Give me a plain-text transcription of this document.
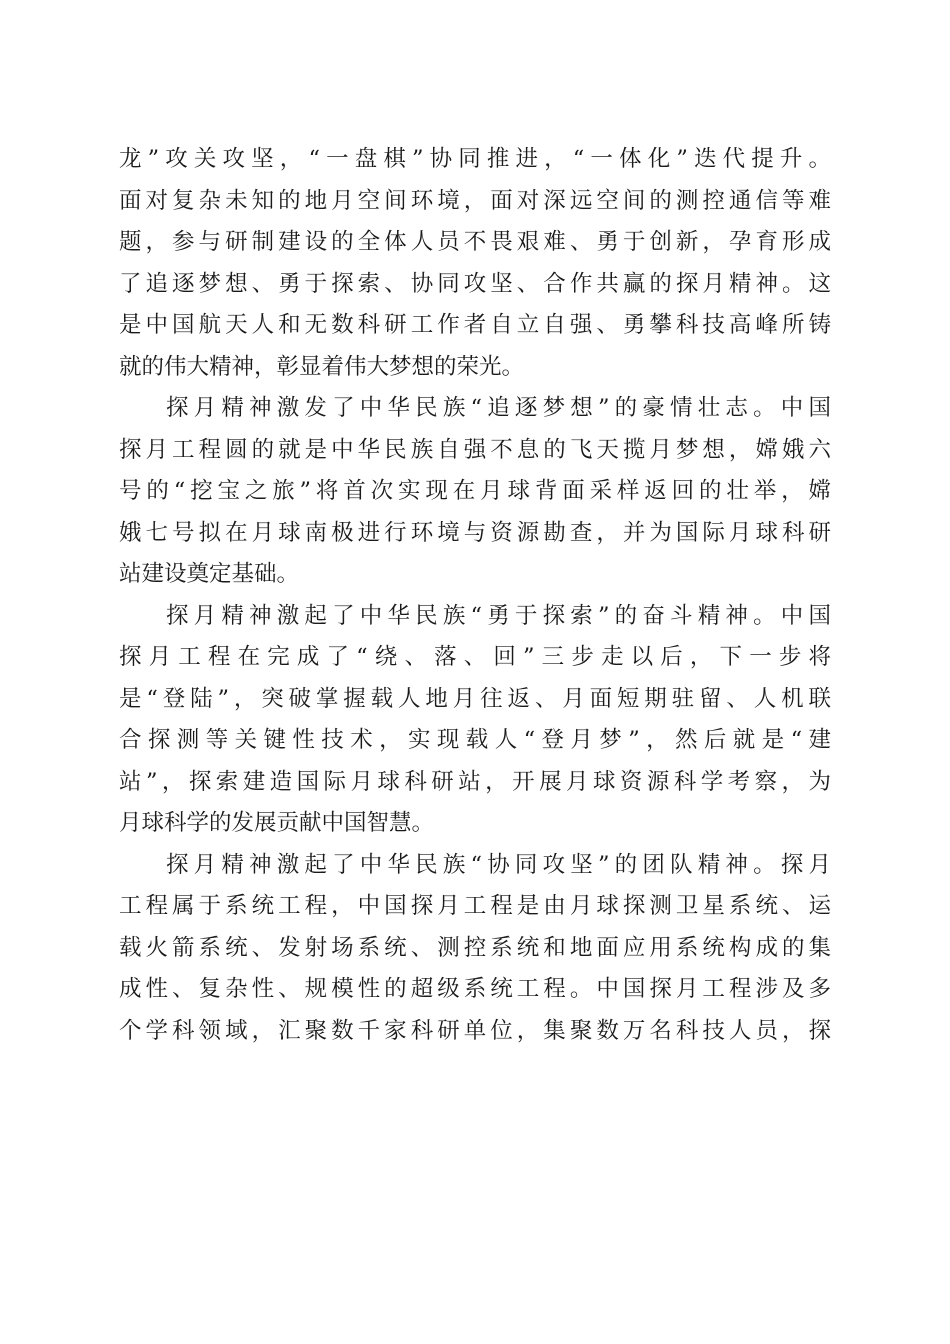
龙”攻关攻坚，“一盘棋”协同推进，“一体化”迭代提升。
面对复杂未知的地月空间环境，面对深远空间的测控通信等难
题，参与研制建设的全体人员不畏艰难、勇于创新，孕育形成
了追逐梦想、勇于探索、协同攻坚、合作共赢的探月精神。这
是中国航天人和无数科研工作者自立自强、勇攀科技高峰所铸
就的伟大精神，彰显着伟大梦想的荣光。
探月精神激发了中华民族“追逐梦想”的豪情壮志。中国
探月工程圆的就是中华民族自强不息的飞天揽月梦想，嫦娥六
号的“挖宝之旅”将首次实现在月球背面采样返回的壮举，嫦
娥七号拟在月球南极进行环境与资源勘查，并为国际月球科研
站建设奠定基础。
探月精神激起了中华民族“勇于探索”的奋斗精神。中国
探月工程在完成了“绕、落、回”三步走以后，下一步将
是“登陆”，突破掌握载人地月往返、月面短期驻留、人机联
合探测等关键性技术，实现载人“登月梦”，然后就是“建
站”，探索建造国际月球科研站，开展月球资源科学考察，为
月球科学的发展贡献中国智慧。
探月精神激起了中华民族“协同攻坚”的团队精神。探月
工程属于系统工程，中国探月工程是由月球探测卫星系统、运
载火箭系统、发射场系统、测控系统和地面应用系统构成的集
成性、复杂性、规模性的超级系统工程。中国探月工程涉及多
个学科领域，汇聚数千家科研单位，集聚数万名科技人员，探
